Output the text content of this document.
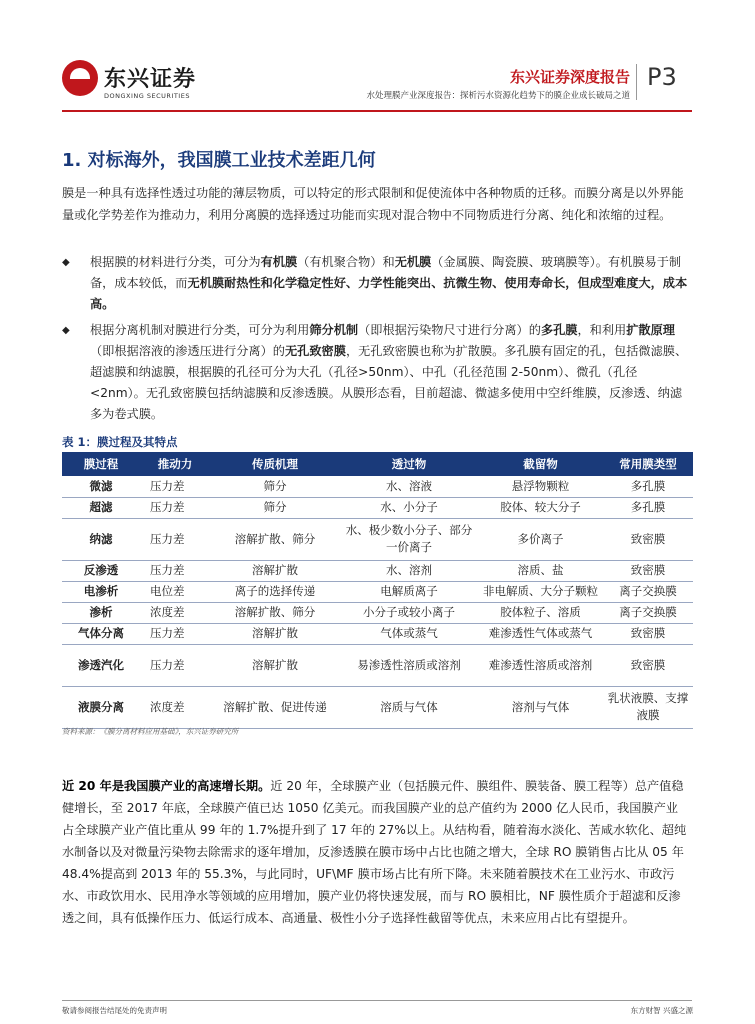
东兴证券
DONGXING SECURITIES
东兴证券深度报告
水处理膜产业深度报告：探析污水资源化趋势下的膜企业成长破局之道
P3
1. 对标海外，我国膜工业技术差距几何
膜是一种具有选择性透过功能的薄层物质，可以特定的形式限制和促使流体中各种物质的迁移。而膜分离是以外界能量或化学势差作为推动力，利用分离膜的选择透过功能而实现对混合物中不同物质进行分离、纯化和浓缩的过程。
◆ 根据膜的材料进行分类，可分为有机膜（有机聚合物）和无机膜（金属膜、陶瓷膜、玻璃膜等）。有机膜易于制备，成本较低，而无机膜耐热性和化学稳定性好、力学性能突出、抗微生物、使用寿命长，但成型难度大，成本高。
◆ 根据分离机制对膜进行分类，可分为利用筛分机制（即根据污染物尺寸进行分离）的多孔膜，和利用扩散原理（即根据溶液的渗透压进行分离）的无孔致密膜，无孔致密膜也称为扩散膜。多孔膜有固定的孔，包括微滤膜、超滤膜和纳滤膜，根据膜的孔径可分为大孔（孔径>50nm）、中孔（孔径范围 2-50nm）、微孔（孔径<2nm）。无孔致密膜包括纳滤膜和反渗透膜。从膜形态看，目前超滤、微滤多使用中空纤维膜，反渗透、纳滤多为卷式膜。
表 1：膜过程及其特点
膜过程	推动力	传质机理	透过物	截留物	常用膜类型
微滤	压力差	筛分	水、溶液	悬浮物颗粒	多孔膜
超滤	压力差	筛分	水、小分子	胶体、较大分子	多孔膜
纳滤	压力差	溶解扩散、筛分	水、极少数小分子、部分一价离子	多价离子	致密膜
反渗透	压力差	溶解扩散	水、溶剂	溶质、盐	致密膜
电渗析	电位差	离子的选择传递	电解质离子	非电解质、大分子颗粒	离子交换膜
渗析	浓度差	溶解扩散、筛分	小分子或较小离子	胶体粒子、溶质	离子交换膜
气体分离	压力差	溶解扩散	气体或蒸气	难渗透性气体或蒸气	致密膜
渗透汽化	压力差	溶解扩散	易渗透性溶质或溶剂	难渗透性溶质或溶剂	致密膜
液膜分离	浓度差	溶解扩散、促进传递	溶质与气体	溶剂与气体	乳状液膜、支撑液膜
资料来源：《膜分离材料应用基础》，东兴证券研究所
近 20 年是我国膜产业的高速增长期。近 20 年，全球膜产业（包括膜元件、膜组件、膜装备、膜工程等）总产值稳健增长，至 2017 年底，全球膜产值已达 1050 亿美元。而我国膜产业的总产值约为 2000 亿人民币，我国膜产业占全球膜产业产值比重从 99 年的 1.7%提升到了 17 年的 27%以上。从结构看，随着海水淡化、苦咸水软化、超纯水制备以及对微量污染物去除需求的逐年增加，反渗透膜在膜市场中占比也随之增大，全球 RO 膜销售占比从 05 年 48.4%提高到 2013 年的 55.3%，与此同时，UF\MF 膜市场占比有所下降。未来随着膜技术在工业污水、市政污水、市政饮用水、民用净水等领域的应用增加，膜产业仍将快速发展，而与 RO 膜相比，NF 膜性质介于超滤和反渗透之间，具有低操作压力、低运行成本、高通量、极性小分子选择性截留等优点，未来应用占比有望提升。
敬请参阅报告结尾处的免责声明	东方财智 兴盛之源
